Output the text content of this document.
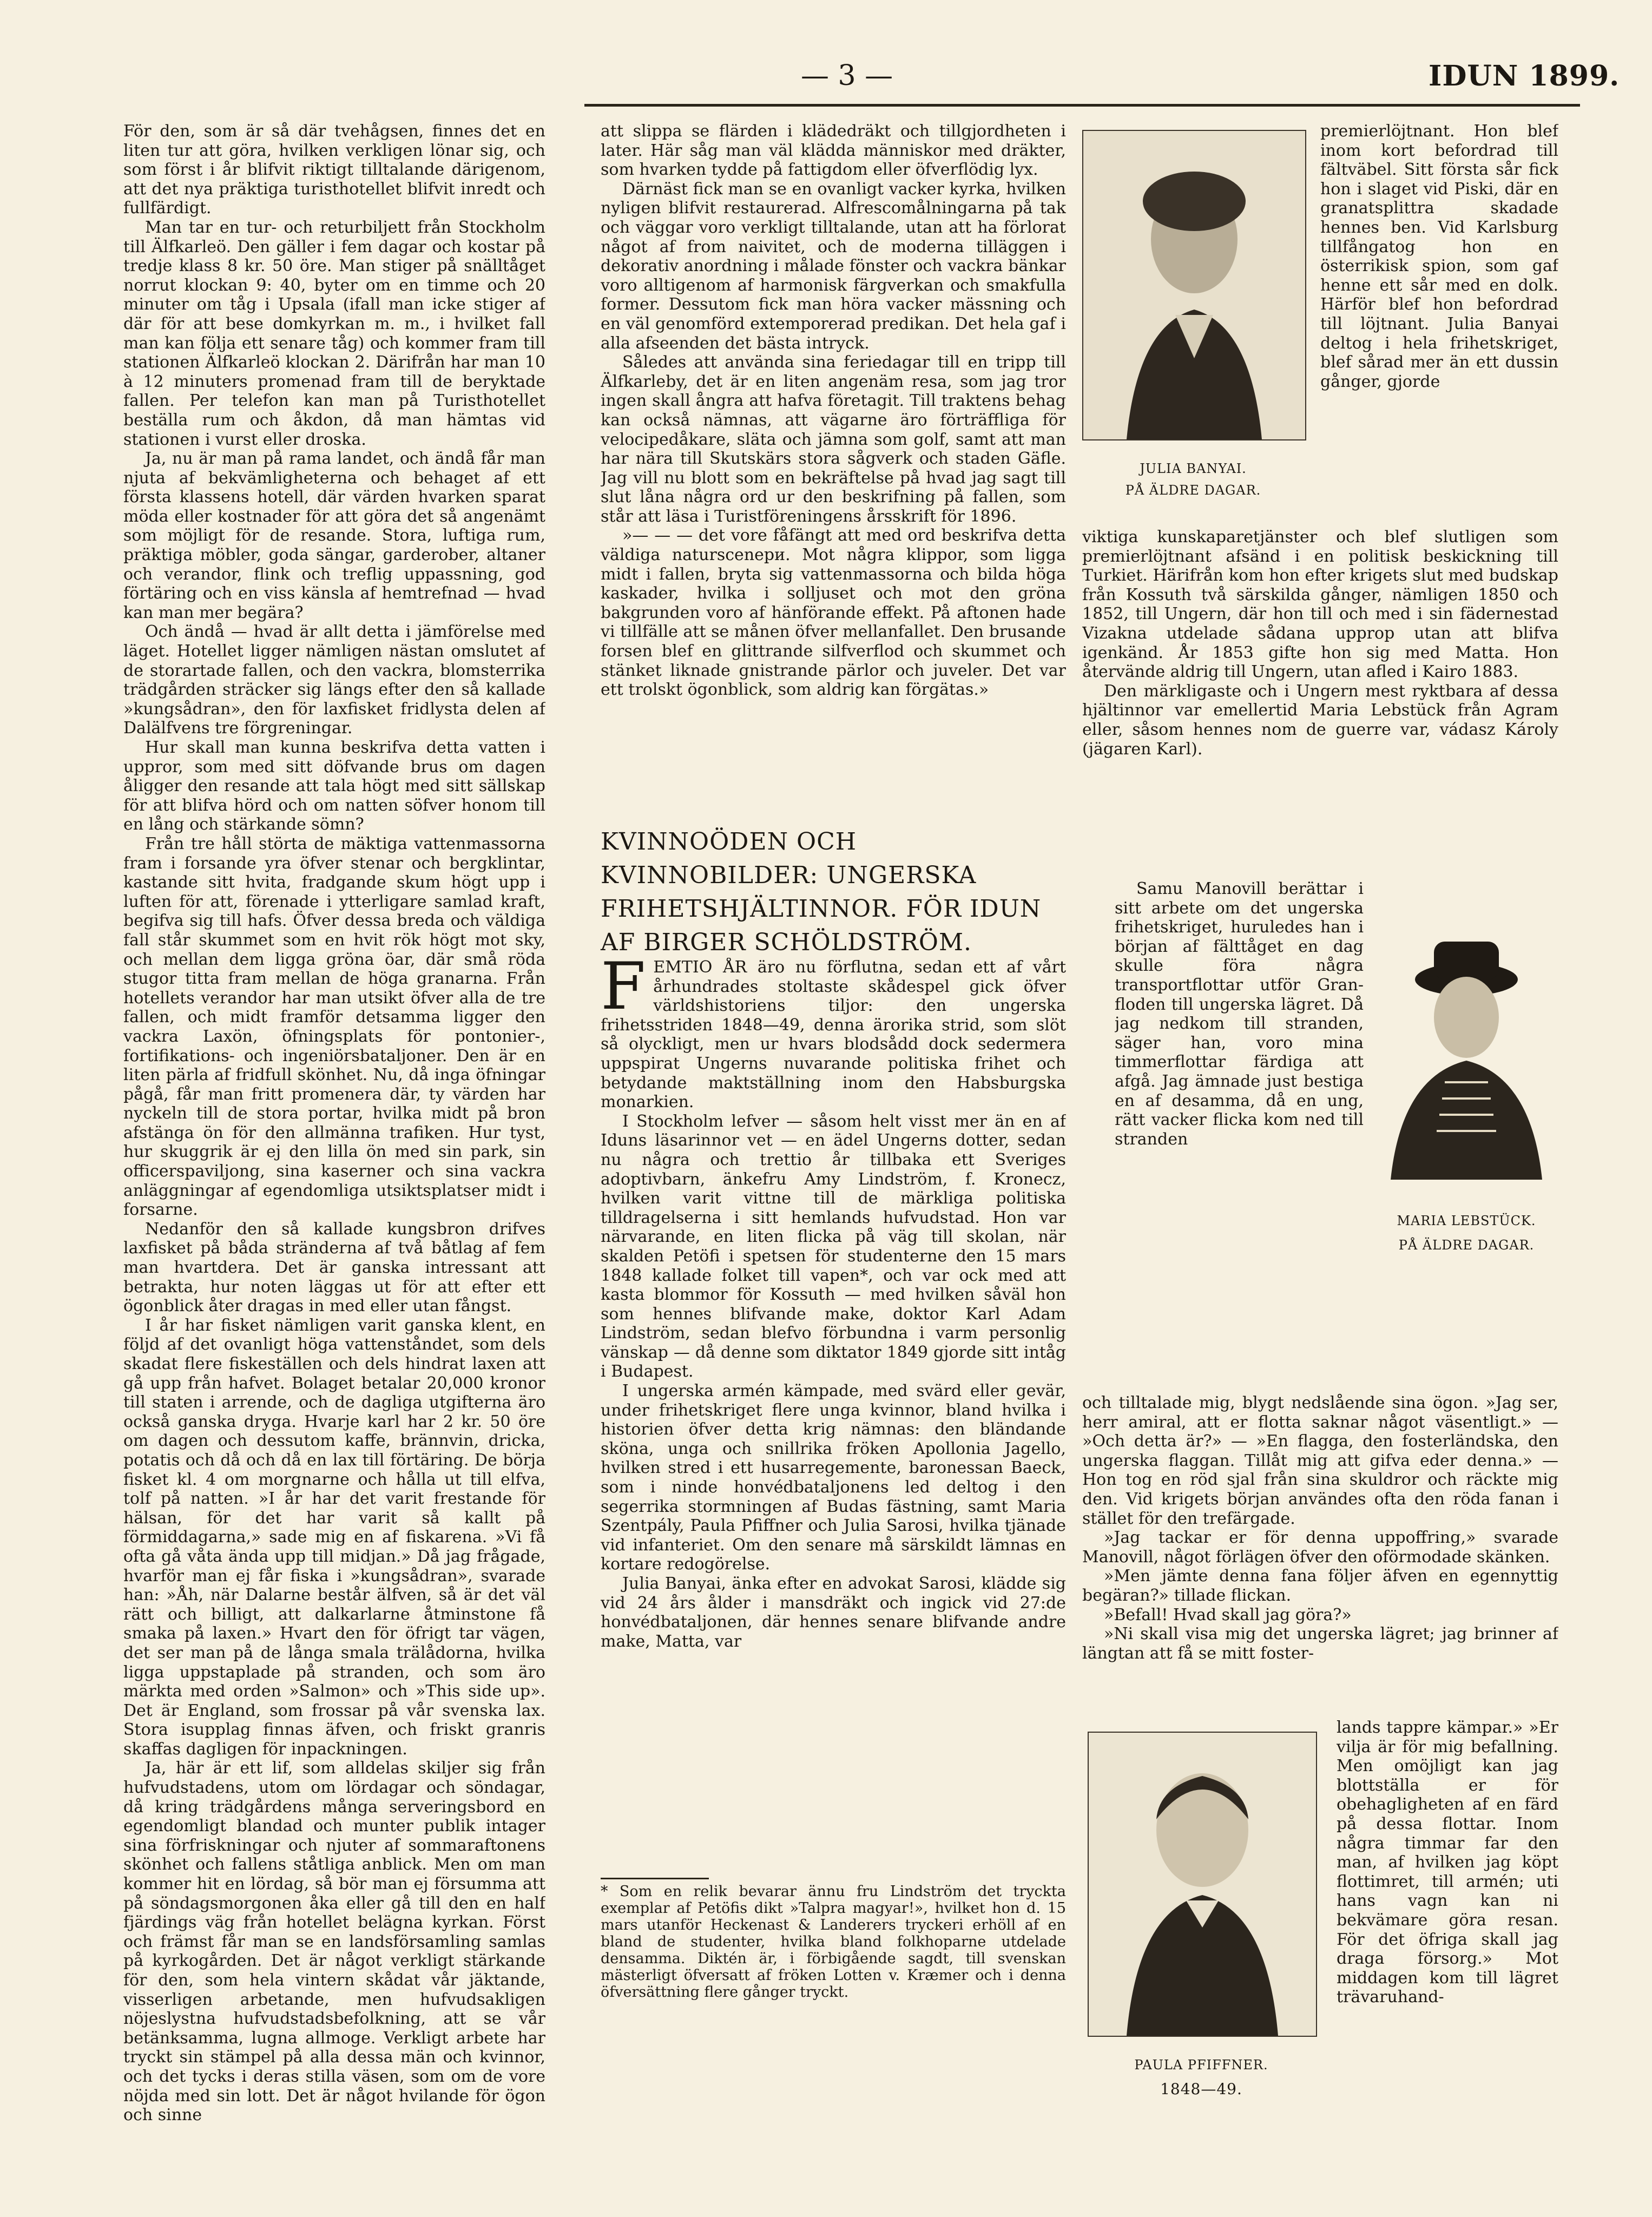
— 3 —	IDUN 1899.

För den, som är så där tvehågsen, finnes det en liten tur att göra, hvilken verkligen lönar sig, och som först i år blifvit riktigt tilltalande därigenom, att det nya präktiga turisthotellet blifvit inredt och fullfärdigt.

Man tar en tur- och returbiljett från Stockholm till Älfkarleö. Den gäller i fem dagar och kostar på tredje klass 8 kr. 50 öre. Man stiger på snälltåget norrut klockan 9: 40, byter om en timme och 20 minuter om tåg i Upsala (ifall man icke stiger af där för att bese domkyrkan m. m., i hvilket fall man kan följa ett senare tåg) och kommer fram till stationen Älfkarleö klockan 2. Därifrån har man 10 à 12 minuters promenad fram till de beryktade fallen. Per telefon kan man på Turisthotellet beställa rum och åkdon, då man hämtas vid stationen i vurst eller droska.

Ja, nu är man på rama landet, och ändå får man njuta af bekvämligheterna och behaget af ett första klassens hotell, där värden hvarken sparat möda eller kostnader för att göra det så angenämt som möjligt för de resande. Stora, luftiga rum, präktiga möbler, goda sängar, garderober, altaner och verandor, flink och treflig uppassning, god förtäring och en viss känsla af hemtrefnad — hvad kan man mer begära?

Och ändå — hvad är allt detta i jämförelse med läget. Hotellet ligger nämligen nästan omslutet af de storartade fallen, och den vackra, blomsterrika trädgården sträcker sig längs efter den så kallade »kungsådran», den för laxfisket fridlysta delen af Dalälfvens tre förgreningar.

Hur skall man kunna beskrifva detta vatten i uppror, som med sitt döfvande brus om dagen åligger den resande att tala högt med sitt sällskap för att blifva hörd och om natten söfver honom till en lång och stärkande sömn?

Från tre håll störta de mäktiga vattenmassorna fram i forsande yra öfver stenar och bergklintar, kastande sitt hvita, fradgande skum högt upp i luften för att, förenade i ytterligare samlad kraft, begifva sig till hafs. Öfver dessa breda och väldiga fall står skummet som en hvit rök högt mot sky, och mellan dem ligga gröna öar, där små röda stugor titta fram mellan de höga granarna. Från hotellets verandor har man utsikt öfver alla de tre fallen, och midt framför detsamma ligger den vackra Laxön, öfningsplats för pontonier-, fortifikations- och ingeniörsbataljoner. Den är en liten pärla af fridfull skönhet. Nu, då inga öfningar pågå, får man fritt promenera där, ty värden har nyckeln till de stora portar, hvilka midt på bron afstänga ön för den allmänna trafiken. Hur tyst, hur skuggrik är ej den lilla ön med sin park, sin officerspaviljong, sina kaserner och sina vackra anläggningar af egendomliga utsiktsplatser midt i forsarne.

Nedanför den så kallade kungsbron drifves laxfisket på båda stränderna af två båtlag af fem man hvartdera. Det är ganska intressant att betrakta, hur noten läggas ut för att efter ett ögonblick åter dragas in med eller utan fångst.

I år har fisket nämligen varit ganska klent, en följd af det ovanligt höga vattenståndet, som dels skadat flere fiskeställen och dels hindrat laxen att gå upp från hafvet. Bolaget betalar 20,000 kronor till staten i arrende, och de dagliga utgifterna äro också ganska dryga. Hvarje karl har 2 kr. 50 öre om dagen och dessutom kaffe, brännvin, dricka, potatis och då och då en lax till förtäring. De börja fisket kl. 4 om morgnarne och hålla ut till elfva, tolf på natten. »I år har det varit frestande för hälsan, för det har varit så kallt på förmiddagarna,» sade mig en af fiskarena. »Vi få ofta gå våta ända upp till midjan.» Då jag frågade, hvarför man ej får fiska i »kungsådran», svarade han: »Åh, när Dalarne består älfven, så är det väl rätt och billigt, att dalkarlarne åtminstone få smaka på laxen.» Hvart den för öfrigt tar vägen, det ser man på de långa smala trälådorna, hvilka ligga uppstaplade på stranden, och som äro märkta med orden »Salmon» och »This side up». Det är England, som frossar på vår svenska lax. Stora isupplag finnas äfven, och friskt granris skaffas dagligen för inpackningen.

Ja, här är ett lif, som alldelas skiljer sig från hufvudstadens, utom om lördagar och söndagar, då kring trädgårdens många serveringsbord en egendomligt blandad och munter publik intager sina förfriskningar och njuter af sommaraftonens skönhet och fallens ståtliga anblick. Men om man kommer hit en lördag, så bör man ej försumma att på söndagsmorgonen åka eller gå till den en half fjärdings väg från hotellet belägna kyrkan. Först och främst får man se en landsförsamling samlas på kyrkogården. Det är något verkligt stärkande för den, som hela vintern skådat vår jäktande, visserligen arbetande, men hufvudsakligen nöjeslystna hufvudstadsbefolkning, att se vår betänksamma, lugna allmoge. Verkligt arbete har tryckt sin stämpel på alla dessa män och kvinnor, och det tycks i deras stilla väsen, som om de vore nöjda med sin lott. Det är något hvilande för ögon och sinne

att slippa se flärden i klädedräkt och tillgjordheten i later. Här såg man väl klädda människor med dräkter, som hvarken tydde på fattigdom eller öfverflödig lyx.

Därnäst fick man se en ovanligt vacker kyrka, hvilken nyligen blifvit restaurerad. Alfrescomålningarna på tak och väggar voro verkligt tilltalande, utan att ha förlorat något af from naivitet, och de moderna tilläggen i dekorativ anordning i målade fönster och vackra bänkar voro alltigenom af harmonisk färgverkan och smakfulla former. Dessutom fick man höra vacker mässning och en väl genomförd extemporerad predikan. Det hela gaf i alla afseenden det bästa intryck.

Således att använda sina feriedagar till en tripp till Älfkarleby, det är en liten angenäm resa, som jag tror ingen skall ångra att hafva företagit. Till traktens behag kan också nämnas, att vägarne äro förträffliga för velocipedåkare, släta och jämna som golf, samt att man har nära till Skutskärs stora sågverk och staden Gäfle. Jag vill nu blott som en bekräftelse på hvad jag sagt till slut låna några ord ur den beskrifning på fallen, som står att läsa i Turistföreningens årsskrift för 1896.

»— — — det vore fåfängt att med ord beskrifva detta väldiga naturscenери. Mot några klippor, som ligga midt i fallen, bryta sig vattenmassorna och bilda höga kaskader, hvilka i solljuset och mot den gröna bakgrunden voro af hänförande effekt. På aftonen hade vi tillfälle att se månen öfver mellanfallet. Den brusande forsen blef en glittrande silfverflod och skummet och stänket liknade gnistrande pärlor och juveler. Det var ett trolskt ögonblick, som aldrig kan förgätas.»

KVINNOÖDEN OCH KVINNOBILDER: UNGERSKA FRIHETSHJÄLTINNOR. FÖR IDUN AF BIRGER SCHÖLDSTRÖM.

FEMTIO ÅR äro nu förflutna, sedan ett af vårt århundrades stoltaste skådespel gick öfver världshistoriens tiljor: den ungerska frihetsstriden 1848—49, denna ärorika strid, som slöt så olyckligt, men ur hvars blodsådd dock sedermera uppspirat Ungerns nuvarande politiska frihet och betydande maktställning inom den Habsburgska monarkien.

I Stockholm lefver — såsom helt visst mer än en af Iduns läsarinnor vet — en ädel Ungerns dotter, sedan nu några och trettio år tillbaka ett Sveriges adoptivbarn, änkefru Amy Lindström, f. Kronecz, hvilken varit vittne till de märkliga politiska tilldragelserna i sitt hemlands hufvudstad. Hon var närvarande, en liten flicka på väg till skolan, när skalden Petöfi i spetsen för studenterne den 15 mars 1848 kallade folket till vapen*, och var ock med att kasta blommor för Kossuth — med hvilken såväl hon som hennes blifvande make, doktor Karl Adam Lindström, sedan blefvo förbundna i varm personlig vänskap — då denne som diktator 1849 gjorde sitt intåg i Budapest.

I ungerska armén kämpade, med svärd eller gevär, under frihetskriget flere unga kvinnor, bland hvilka i historien öfver detta krig nämnas: den bländande sköna, unga och snillrika fröken Apollonia Jagello, hvilken stred i ett husarregemente, baronessan Baeck, som i ninde honvédbataljonens led deltog i den segerrika stormningen af Budas fästning, samt Maria Szentpály, Paula Pfiffner och Julia Sarosi, hvilka tjänade vid infanteriet. Om den senare må särskildt lämnas en kortare redogörelse.

Julia Banyai, änka efter en advokat Sarosi, klädde sig vid 24 års ålder i mansdräkt och ingick vid 27:de honvédbataljonen, där hennes senare blifvande andre make, Matta, var

* Som en relik bevarar ännu fru Lindström det tryckta exemplar af Petöfis dikt »Talpra magyar!», hvilket hon d. 15 mars utanför Heckenast & Landerers tryckeri erhöll af en bland de studenter, hvilka bland folkhoparne utdelade densamma. Diktén är, i förbigående sagdt, till svenskan mästerligt öfversatt af fröken Lotten v. Kræmer och i denna öfversättning flere gånger tryckt.
JULIA BANYAI.
PÅ ÄLDRE DAGAR.

premierlöjtnant. Hon blef inom kort befordrad till fältväbel. Sitt första sår fick hon i slaget vid Piski, där en granatsplittra skadade hennes ben. Vid Karlsburg tillfångatog hon en österrikisk spion, som gaf henne ett sår med en dolk. Härför blef hon befordrad till löjtnant. Julia Banyai deltog i hela frihetskriget, blef sårad mer än ett dussin gånger, gjorde

viktiga kunskaparetjänster och blef slutligen som premierlöjtnant afsänd i en politisk beskickning till Turkiet. Härifrån kom hon efter krigets slut med budskap från Kossuth två särskilda gånger, nämligen 1850 och 1852, till Ungern, där hon till och med i sin fädernestad Vizakna utdelade sådana upprop utan att blifva igenkänd. År 1853 gifte hon sig med Matta. Hon återvände aldrig till Ungern, utan afled i Kairo 1883.

Den märkligaste och i Ungern mest ryktbara af dessa hjältinnor var emellertid Maria Lebstück från Agram eller, såsom hennes nom de guerre var, vádasz Károly (jägaren Karl).

MARIA LEBSTÜCK.
PÅ ÄLDRE DAGAR.

Samu Manovill berättar i sitt arbete om det ungerska frihetskriget, huruledes han i början af fälttåget en dag skulle föra några transportflottar utför Gran-floden till ungerska lägret. Då jag nedkom till stranden, säger han, voro mina timmerflottar färdiga att afgå. Jag ämnade just bestiga en af desamma, då en ung, rätt vacker flicka kom ned till stranden

och tilltalade mig, blygt nedslående sina ögon. »Jag ser, herr amiral, att er flotta saknar något väsentligt.» — »Och detta är?» — »En flagga, den fosterländska, den ungerska flaggan. Tillåt mig att gifva eder denna.» — Hon tog en röd sjal från sina skuldror och räckte mig den. Vid krigets början användes ofta den röda fanan i stället för den trefärgade.

»Jag tackar er för denna uppoffring,» svarade Manovill, något förlägen öfver den oförmodade skänken.

»Men jämte denna fana följer äfven en egennyttig begäran?» tillade flickan.

»Befall! Hvad skall jag göra?»

»Ni skall visa mig det ungerska lägret; jag brinner af längtan att få se mitt foster-

PAULA PFIFFNER.
1848—49.

lands tappre kämpar.» »Er vilja är för mig befallning. Men omöjligt kan jag blottställa er för obehagligheten af en färd på dessa flottar. Inom några timmar far den man, af hvilken jag köpt flottimret, till armén; uti hans vagn kan ni bekvämare göra resan. För det öfriga skall jag draga försorg.» Mot middagen kom till lägret trävaruhand-
